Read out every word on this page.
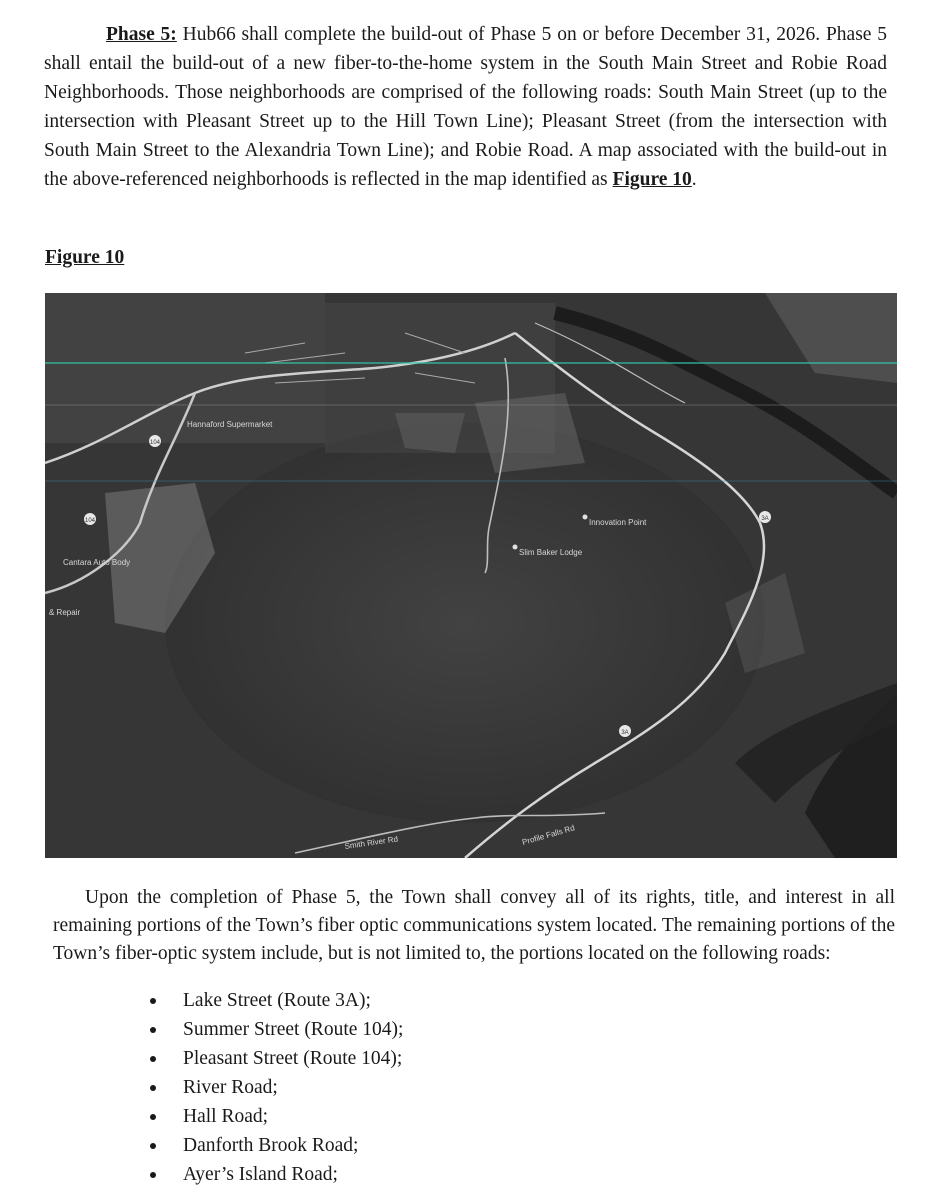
Phase 5: Hub66 shall complete the build-out of Phase 5 on or before December 31, 2026. Phase 5 shall entail the build-out of a new fiber-to-the-home system in the South Main Street and Robie Road Neighborhoods. Those neighborhoods are comprised of the following roads: South Main Street (up to the intersection with Pleasant Street up to the Hill Town Line); Pleasant Street (from the intersection with South Main Street to the Alexandria Town Line); and Robie Road. A map associated with the build-out in the above-referenced neighborhoods is reflected in the map identified as Figure 10.

Figure 10

104
104	3A
3A
Hannaford Supermarket
Cantara Auto Body
& Repair
Innovation Point
Slim Baker Lodge
Smith River Rd	Profile Falls Rd

Upon the completion of Phase 5, the Town shall convey all of its rights, title, and interest in all remaining portions of the Town’s fiber optic communications system located. The remaining portions of the Town’s fiber-optic system include, but is not limited to, the portions located on the following roads:

Lake Street (Route 3A);
Summer Street (Route 104);
Pleasant Street (Route 104);
River Road;
Hall Road;
Danforth Brook Road;
Ayer’s Island Road;
